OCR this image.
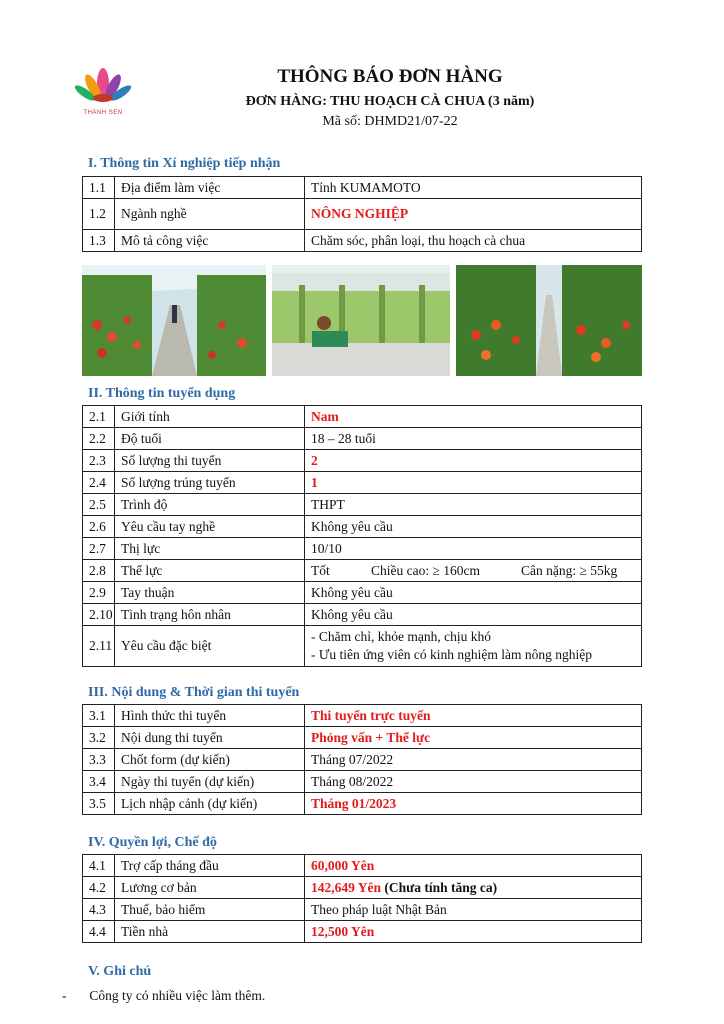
THÀNH SEN
THÔNG BÁO ĐƠN HÀNG
ĐƠN HÀNG: THU HOẠCH CÀ CHUA (3 năm)
Mã số: DHMD21/07-22
I. Thông tin Xí nghiệp tiếp nhận
1.1	Địa điểm làm việc	Tỉnh KUMAMOTO
1.2	Ngành nghề	NÔNG NGHIỆP
1.3	Mô tả công việc	Chăm sóc, phân loại, thu hoạch cà chua
II. Thông tin tuyển dụng
2.1	Giới tính	Nam
2.2	Độ tuổi	18 – 28 tuổi
2.3	Số lượng thi tuyển	2
2.4	Số lượng trúng tuyển	1
2.5	Trình độ	THPT
2.6	Yêu cầu tay nghề	Không yêu cầu
2.7	Thị lực	10/10
2.8	Thể lực	Tốt Chiều cao: ≥ 160cm Cân nặng: ≥ 55kg

2.9	Tay thuận	Không yêu cầu
2.10	Tình trạng hôn nhân	Không yêu cầu
2.11	Yêu cầu đặc biệt	- Chăm chỉ, khỏe mạnh, chịu khó
- Ưu tiên ứng viên có kinh nghiệm làm nông nghiệp
III. Nội dung & Thời gian thi tuyển
3.1	Hình thức thi tuyển	Thi tuyển trực tuyến
3.2	Nội dung thi tuyển	Phỏng vấn + Thể lực
3.3	Chốt form (dự kiến)	Tháng 07/2022
3.4	Ngày thi tuyển (dự kiến)	Tháng 08/2022
3.5	Lịch nhập cảnh (dự kiến)	Tháng 01/2023
IV. Quyền lợi, Chế độ
4.1	Trợ cấp tháng đầu	60,000 Yên
4.2	Lương cơ bản	142,649 Yên (Chưa tính tăng ca)
4.3	Thuế, bảo hiểm	Theo pháp luật Nhật Bản
4.4	Tiền nhà	12,500 Yên
V. Ghi chú
- Công ty có nhiều việc làm thêm.
